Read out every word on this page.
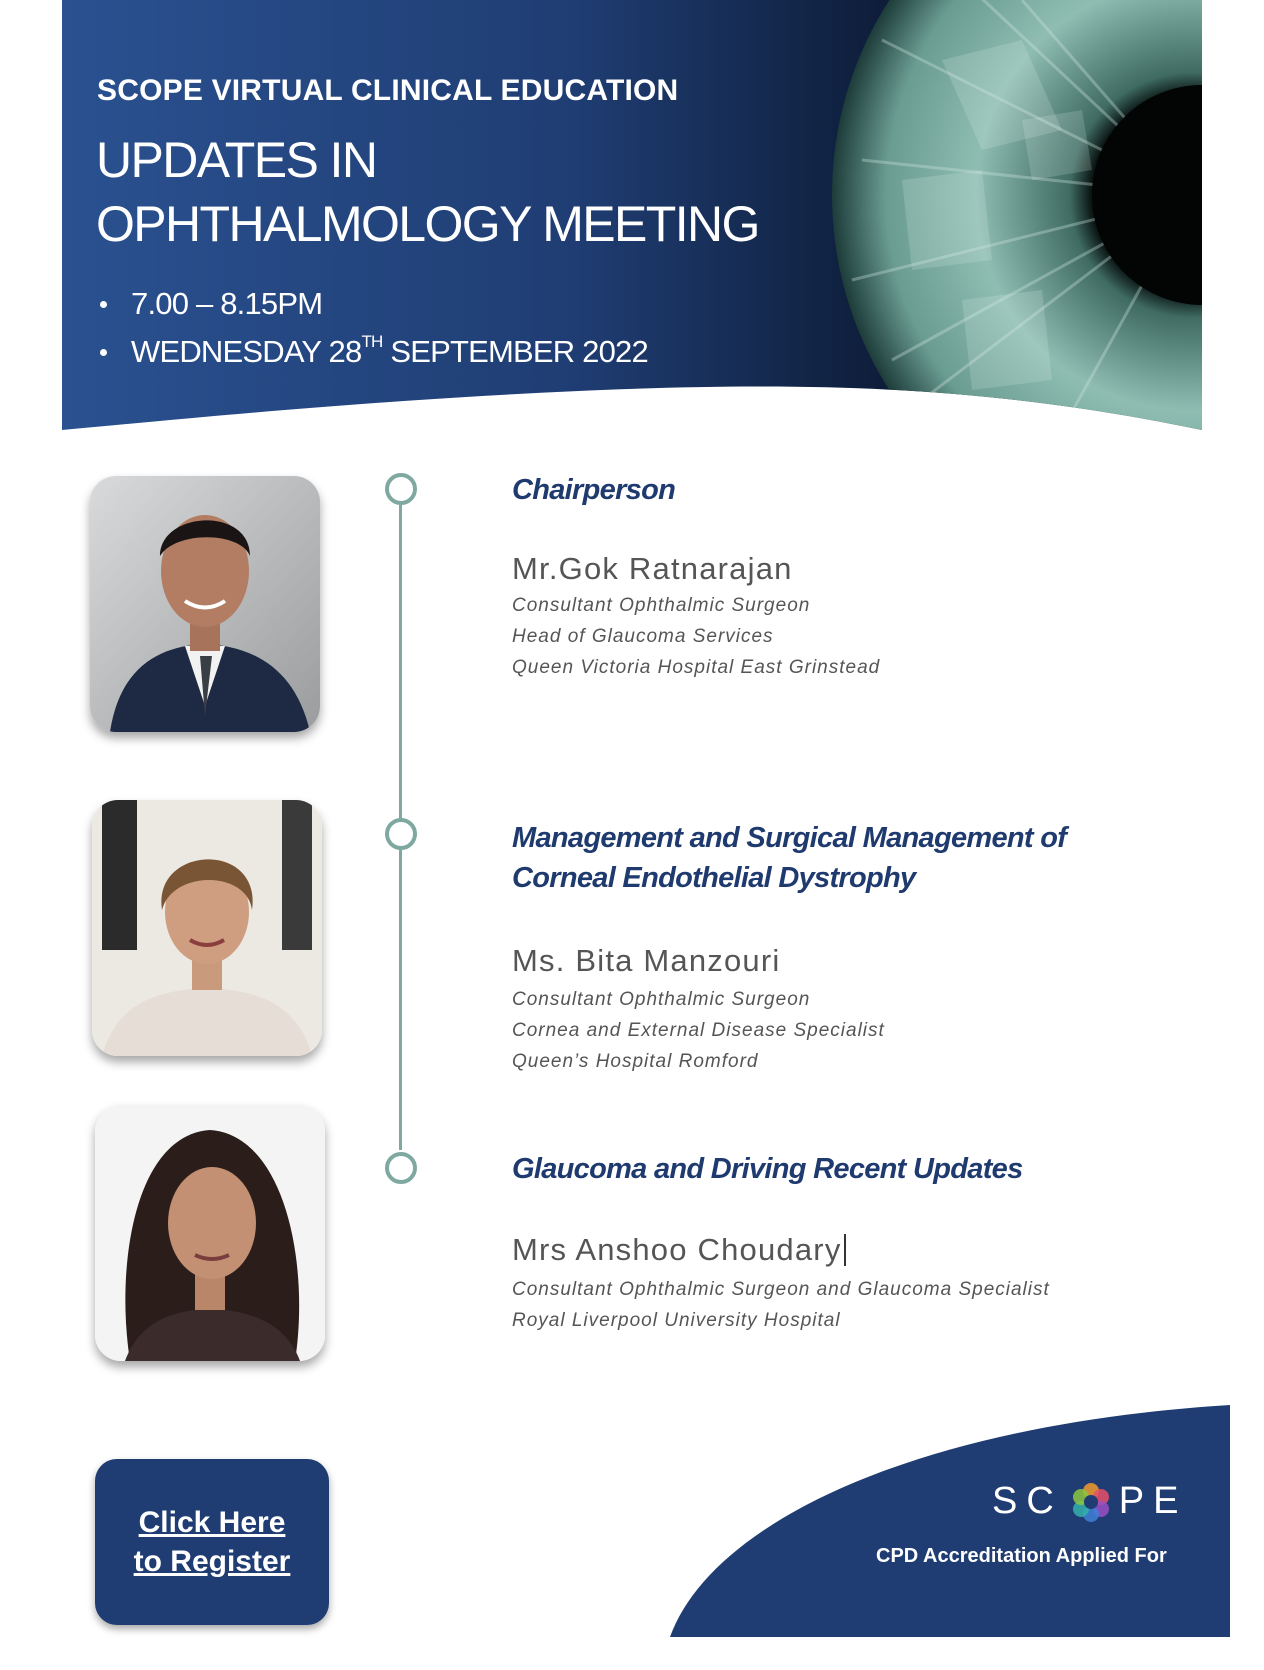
SCOPE VIRTUAL CLINICAL EDUCATION
UPDATES IN
OPHTHALMOLOGY MEETING
7.00 – 8.15PM
WEDNESDAY 28TH SEPTEMBER 2022
Chairperson

Mr.Gok Ratnarajan

Consultant Ophthalmic Surgeon
Head of Glaucoma Services
Queen Victoria Hospital East Grinstead
Management and Surgical Management of Corneal Endothelial Dystrophy

Ms. Bita Manzouri

Consultant Ophthalmic Surgeon
Cornea and External Disease Specialist
Queen’s Hospital Romford
Glaucoma and Driving Recent Updates

Mrs Anshoo Choudary

Consultant Ophthalmic Surgeon and Glaucoma Specialist
Royal Liverpool University Hospital
Click Here
to Register
SC PE
CPD Accreditation Applied For
